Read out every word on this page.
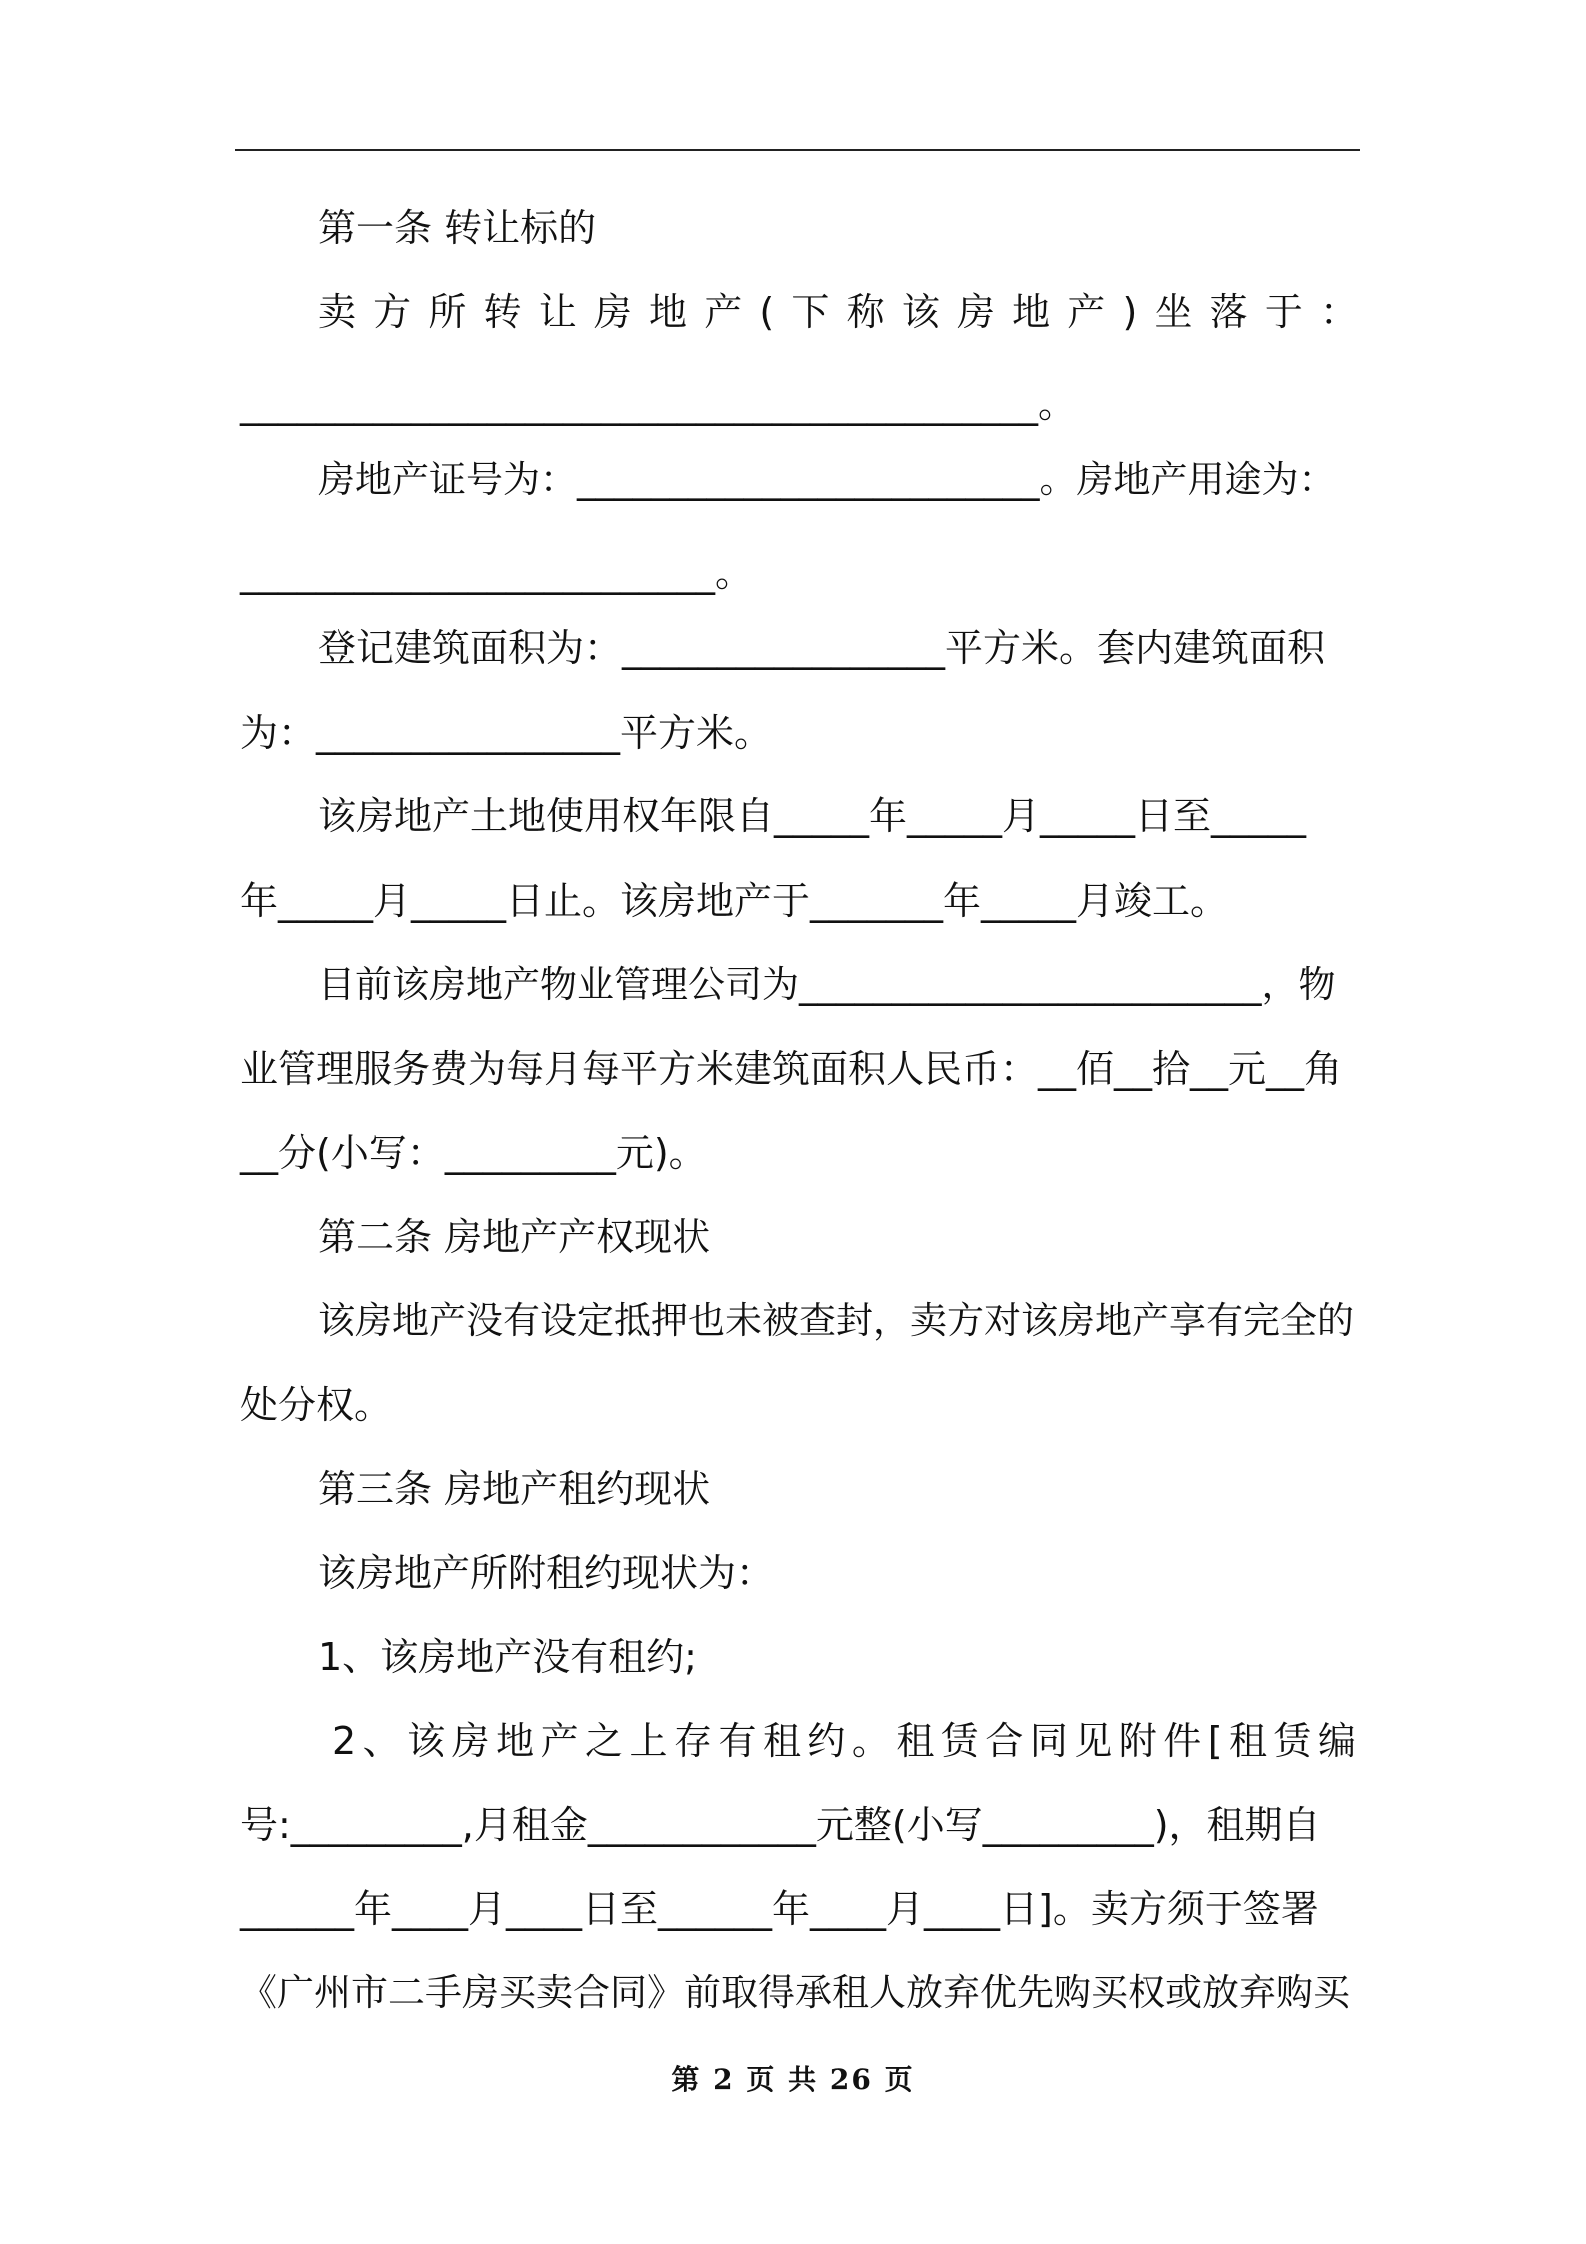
第一条 转让标的
卖方所转让房地产(下称该房地产)坐落于：
__________________________________________。
房地产证号为：_________________________。房地产用途为：
_________________________。
登记建筑面积为：_________________平方米。套内建筑面积
为：________________平方米。
该房地产土地使用权年限自_____年_____月_____日至_____
年_____月_____日止。该房地产于_______年_____月竣工。
目前该房地产物业管理公司为_________________________，物
业管理服务费为每月每平方米建筑面积人民币：__佰__拾__元__角
__分(小写：_________元)。
第二条 房地产产权现状
该房地产没有设定抵押也未被查封，卖方对该房地产享有完全的
处分权。
第三条 房地产租约现状
该房地产所附租约现状为：
1、该房地产没有租约;
2、该房地产之上存有租约。租赁合同见附件[租赁编
号:_________,月租金____________元整(小写_________)，租期自
______年____月____日至______年____月____日]。卖方须于签署
《广州市二手房买卖合同》前取得承租人放弃优先购买权或放弃购买
第 2 页 共 26 页
